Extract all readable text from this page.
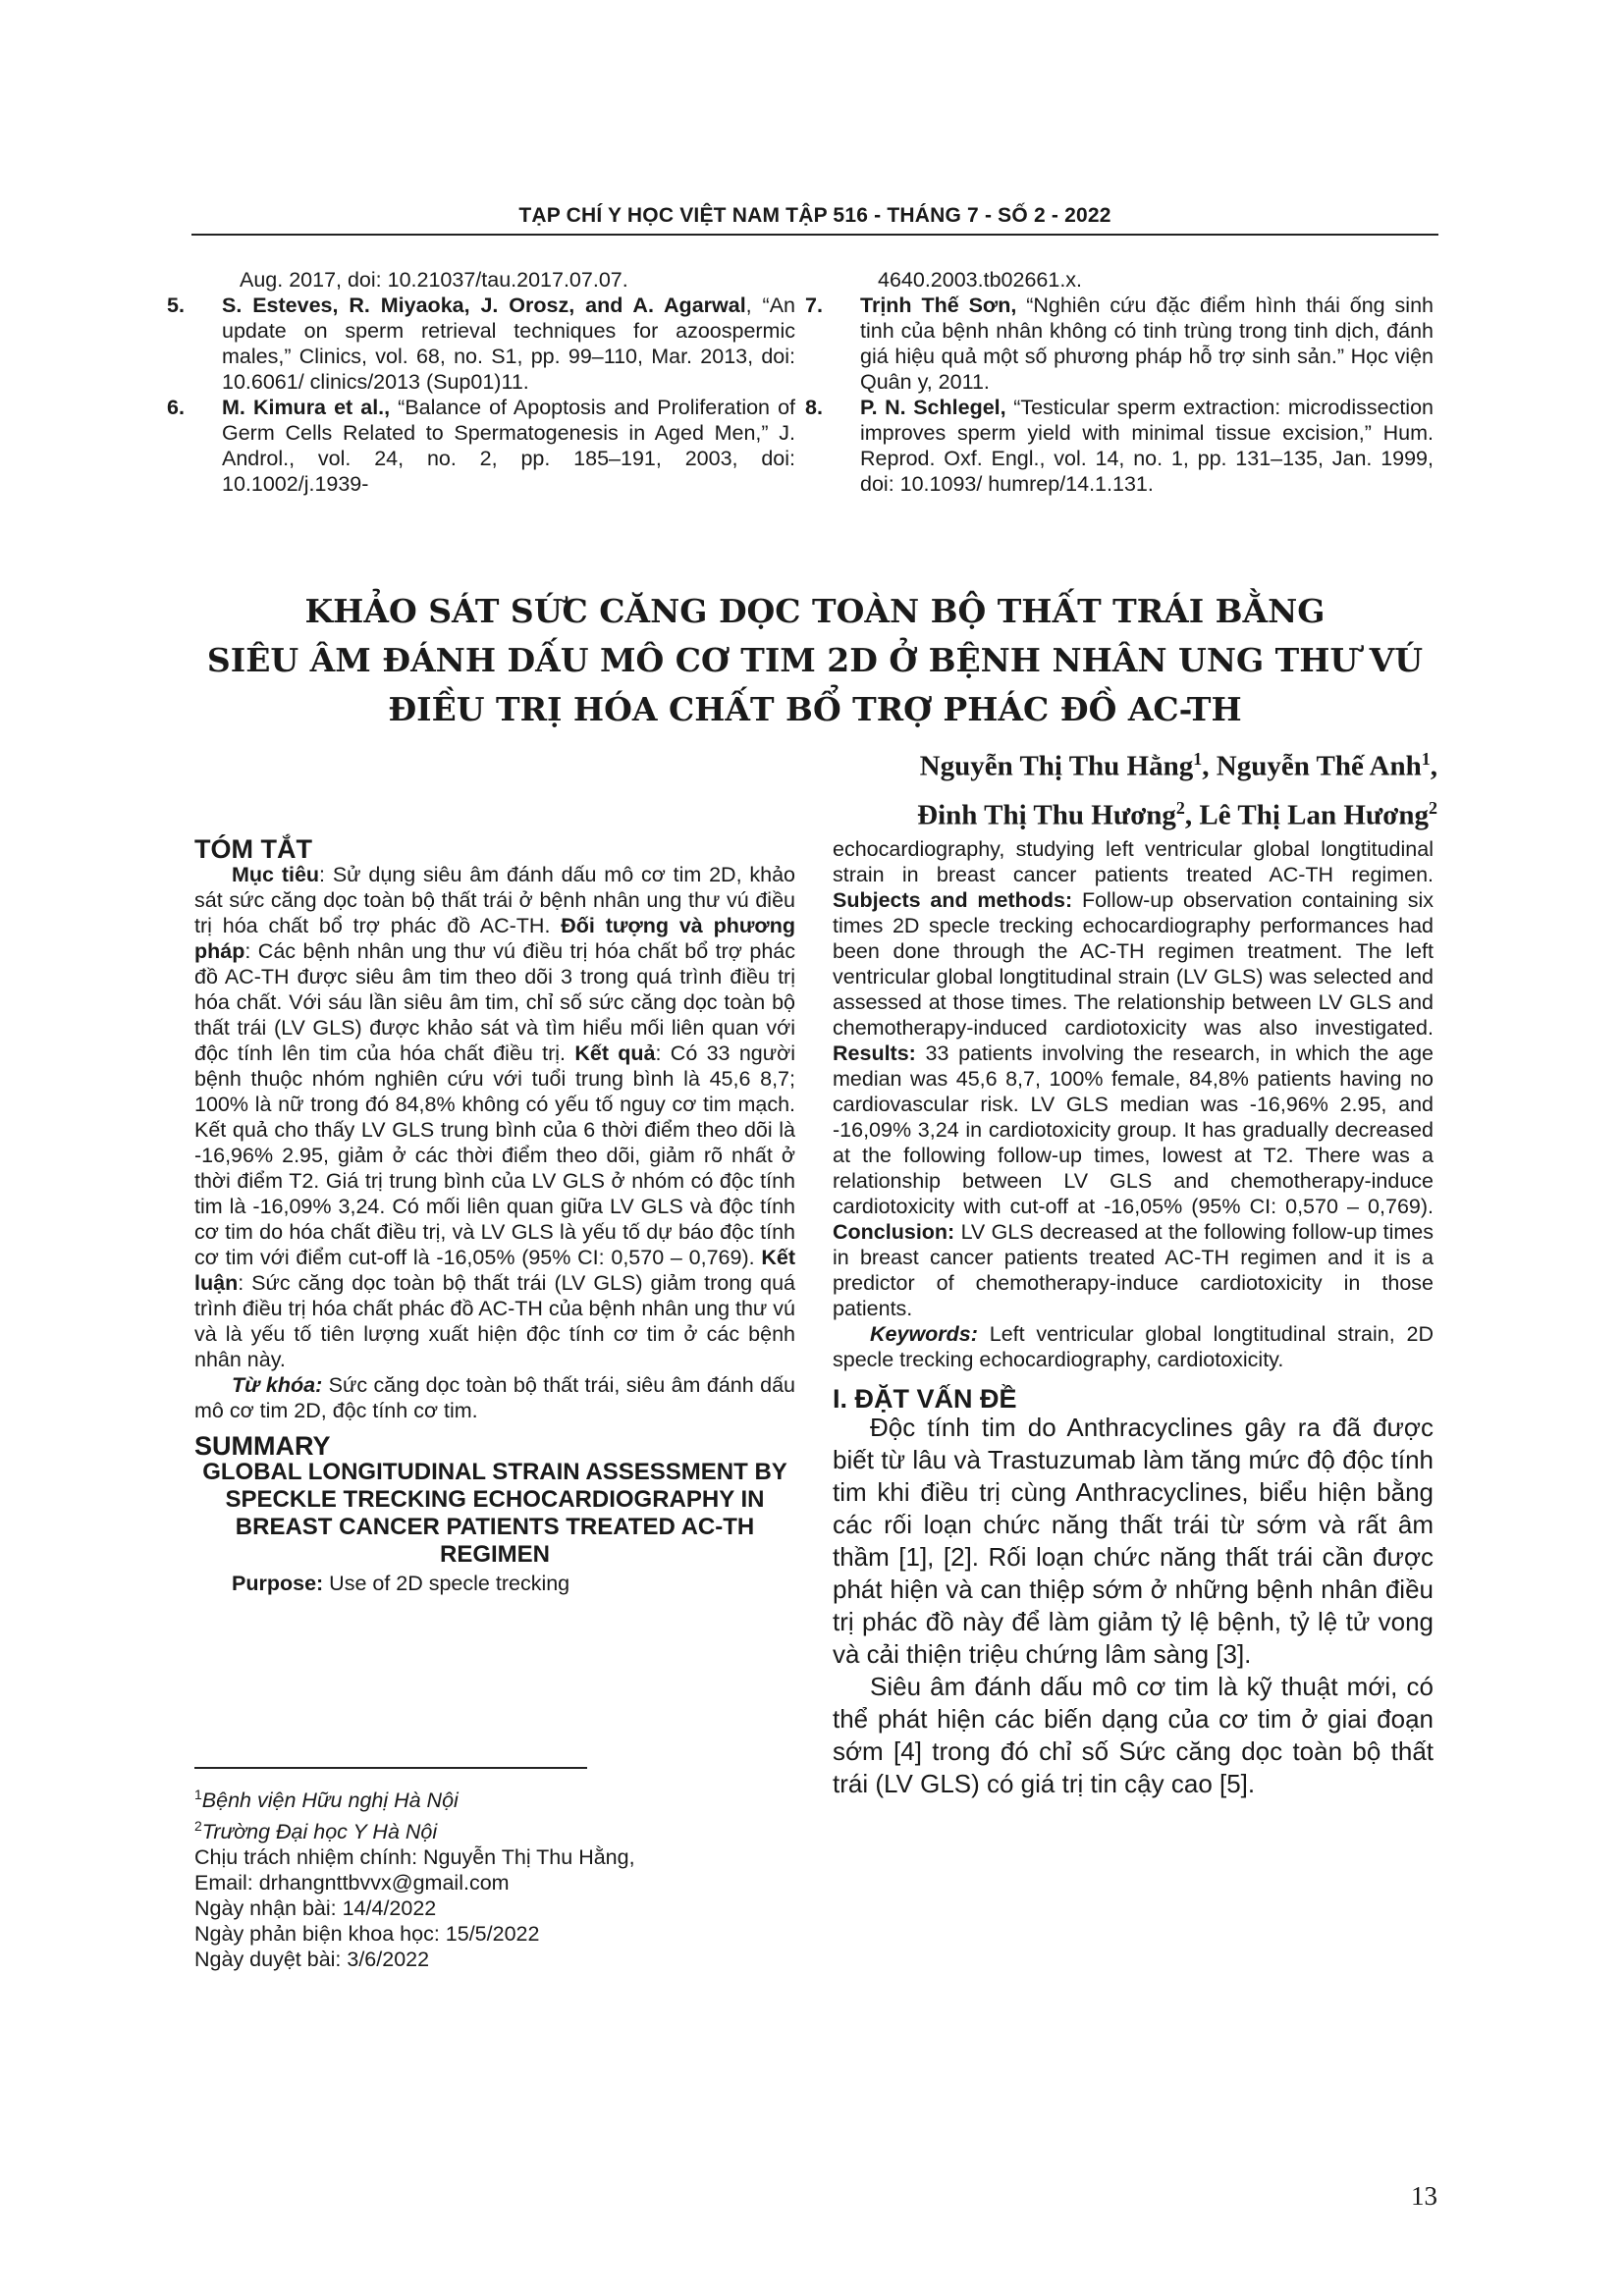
TẠP CHÍ Y HỌC VIỆT NAM TẬP 516 - THÁNG 7 - SỐ 2 - 2022

Aug. 2017, doi: 10.21037/tau.2017.07.07.

5. S. Esteves, R. Miyaoka, J. Orosz, and A. Agarwal, “An update on sperm retrieval techniques for azoospermic males,” Clinics, vol. 68, no. S1, pp. 99–110, Mar. 2013, doi: 10.6061/ clinics/2013 (Sup01)11.

6. M. Kimura et al., “Balance of Apoptosis and Proliferation of Germ Cells Related to Spermatogenesis in Aged Men,” J. Androl., vol. 24, no. 2, pp. 185–191, 2003, doi: 10.1002/j.1939-

4640.2003.tb02661.x.

7. Trịnh Thế Sơn, “Nghiên cứu đặc điểm hình thái ống sinh tinh của bệnh nhân không có tinh trùng trong tinh dịch, đánh giá hiệu quả một số phương pháp hỗ trợ sinh sản.” Học viện Quân y, 2011.

8. P. N. Schlegel, “Testicular sperm extraction: microdissection improves sperm yield with minimal tissue excision,” Hum. Reprod. Oxf. Engl., vol. 14, no. 1, pp. 131–135, Jan. 1999, doi: 10.1093/ humrep/14.1.131.

KHẢO SÁT SỨC CĂNG DỌC TOÀN BỘ THẤT TRÁI BẰNG
SIÊU ÂM ĐÁNH DẤU MÔ CƠ TIM 2D Ở BỆNH NHÂN UNG THƯ VÚ
ĐIỀU TRỊ HÓA CHẤT BỔ TRỢ PHÁC ĐỒ AC-TH
Nguyễn Thị Thu Hằng$^1$, Nguyễn Thế Anh$^1$,
Đinh Thị Thu Hương$^2$, Lê Thị Lan Hương$^2$

TÓM TẮT

Mục tiêu: Sử dụng siêu âm đánh dấu mô cơ tim 2D, khảo sát sức căng dọc toàn bộ thất trái ở bệnh nhân ung thư vú điều trị hóa chất bổ trợ phác đồ AC-TH. Đối tượng và phương pháp: Các bệnh nhân ung thư vú điều trị hóa chất bổ trợ phác đồ AC-TH được siêu âm tim theo dõi 3 trong quá trình điều trị hóa chất. Với sáu lần siêu âm tim, chỉ số sức căng dọc toàn bộ thất trái (LV GLS) được khảo sát và tìm hiểu mối liên quan với độc tính lên tim của hóa chất điều trị. Kết quả: Có 33 người bệnh thuộc nhóm nghiên cứu với tuổi trung bình là 45,6 8,7; 100% là nữ trong đó 84,8% không có yếu tố nguy cơ tim mạch. Kết quả cho thấy LV GLS trung bình của 6 thời điểm theo dõi là -16,96% 2.95, giảm ở các thời điểm theo dõi, giảm rõ nhất ở thời điểm T2. Giá trị trung bình của LV GLS ở nhóm có độc tính tim là -16,09% 3,24. Có mối liên quan giữa LV GLS và độc tính cơ tim do hóa chất điều trị, và LV GLS là yếu tố dự báo độc tính cơ tim với điểm cut-off là -16,05% (95% CI: 0,570 – 0,769). Kết luận: Sức căng dọc toàn bộ thất trái (LV GLS) giảm trong quá trình điều trị hóa chất phác đồ AC-TH của bệnh nhân ung thư vú và là yếu tố tiên lượng xuất hiện độc tính cơ tim ở các bệnh nhân này.

Từ khóa: Sức căng dọc toàn bộ thất trái, siêu âm đánh dấu mô cơ tim 2D, độc tính cơ tim.

SUMMARY

GLOBAL LONGITUDINAL STRAIN ASSESSMENT BY SPECKLE TRECKING ECHOCARDIOGRAPHY IN BREAST CANCER PATIENTS TREATED AC-TH REGIMEN

Purpose: Use of 2D specle trecking

$^1$Bệnh viện Hữu nghị Hà Nội

$^2$Trường Đại học Y Hà Nội

Chịu trách nhiệm chính: Nguyễn Thị Thu Hằng,

Email: drhangnttbvvx@gmail.com

Ngày nhận bài: 14/4/2022

Ngày phản biện khoa học: 15/5/2022

Ngày duyệt bài: 3/6/2022

echocardiography, studying left ventricular global longtitudinal strain in breast cancer patients treated AC-TH regimen. Subjects and methods: Follow-up observation containing six times 2D specle trecking echocardiography performances had been done through the AC-TH regimen treatment. The left ventricular global longtitudinal strain (LV GLS) was selected and assessed at those times. The relationship between LV GLS and chemotherapy-induced cardiotoxicity was also investigated. Results: 33 patients involving the research, in which the age median was 45,6 8,7, 100% female, 84,8% patients having no cardiovascular risk. LV GLS median was -16,96% 2.95, and -16,09% 3,24 in cardiotoxicity group. It has gradually decreased at the following follow-up times, lowest at T2. There was a relationship between LV GLS and chemotherapy-induce cardiotoxicity with cut-off at -16,05% (95% CI: 0,570 – 0,769). Conclusion: LV GLS decreased at the following follow-up times in breast cancer patients treated AC-TH regimen and it is a predictor of chemotherapy-induce cardiotoxicity in those patients.

Keywords: Left ventricular global longtitudinal strain, 2D specle trecking echocardiography, cardiotoxicity.

I. ĐẶT VẤN ĐỀ

Độc tính tim do Anthracyclines gây ra đã được biết từ lâu và Trastuzumab làm tăng mức độ độc tính tim khi điều trị cùng Anthracyclines, biểu hiện bằng các rối loạn chức năng thất trái từ sớm và rất âm thầm [1], [2]. Rối loạn chức năng thất trái cần được phát hiện và can thiệp sớm ở những bệnh nhân điều trị phác đồ này để làm giảm tỷ lệ bệnh, tỷ lệ tử vong và cải thiện triệu chứng lâm sàng [3].

Siêu âm đánh dấu mô cơ tim là kỹ thuật mới, có thể phát hiện các biến dạng của cơ tim ở giai đoạn sớm [4] trong đó chỉ số Sức căng dọc toàn bộ thất trái (LV GLS) có giá trị tin cậy cao [5].

13
